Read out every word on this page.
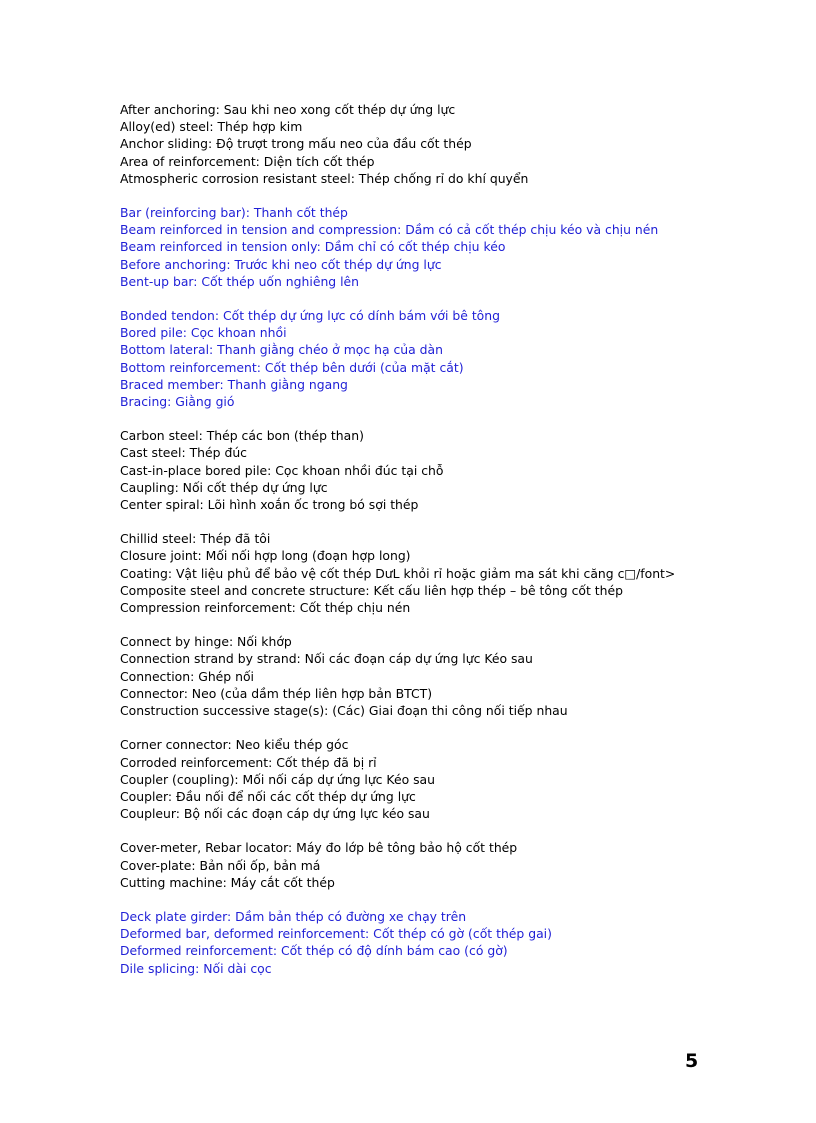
After anchoring: Sau khi neo xong cốt thép dự ứng lực
Alloy(ed) steel: Thép hợp kim
Anchor sliding: Độ trượt trong mấu neo của đầu cốt thép
Area of reinforcement: Diện tích cốt thép
Atmospheric corrosion resistant steel: Thép chống rỉ do khí quyển
Bar (reinforcing bar): Thanh cốt thép
Beam reinforced in tension and compression: Dầm có cả cốt thép chịu kéo và chịu nén
Beam reinforced in tension only: Dầm chỉ có cốt thép chịu kéo
Before anchoring: Trước khi neo cốt thép dự ứng lực
Bent-up bar: Cốt thép uốn nghiêng lên
Bonded tendon: Cốt thép dự ứng lực có dính bám với bê tông
Bored pile: Cọc khoan nhồi
Bottom lateral: Thanh giằng chéo ở mọc hạ của dàn
Bottom reinforcement: Cốt thép bên dưới (của mặt cắt)
Braced member: Thanh giằng ngang
Bracing: Giằng gió
Carbon steel: Thép các bon (thép than)
Cast steel: Thép đúc
Cast-in-place bored pile: Cọc khoan nhồi đúc tại chỗ
Caupling: Nối cốt thép dự ứng lực
Center spiral: Lõi hình xoắn ốc trong bó sợi thép
Chillid steel: Thép đã tôi
Closure joint: Mối nối hợp long (đoạn hợp long)
Coating: Vật liệu phủ để bảo vệ cốt thép DưL khỏi rỉ hoặc giảm ma sát khi căng c□/font>
Composite steel and concrete structure: Kết cấu liên hợp thép – bê tông cốt thép
Compression reinforcement: Cốt thép chịu nén
Connect by hinge: Nối khớp
Connection strand by strand: Nối các đoạn cáp dự ứng lực Kéo sau
Connection: Ghép nối
Connector: Neo (của dầm thép liên hợp bản BTCT)
Construction successive stage(s): (Các) Giai đoạn thi công nối tiếp nhau
Corner connector: Neo kiểu thép góc
Corroded reinforcement: Cốt thép đã bị rỉ
Coupler (coupling): Mối nối cáp dự ứng lực Kéo sau
Coupler: Đầu nối để nối các cốt thép dự ứng lực
Coupleur: Bộ nối các đoạn cáp dự ứng lực kéo sau
Cover-meter, Rebar locator: Máy đo lớp bê tông bảo hộ cốt thép
Cover-plate: Bản nối ốp, bản má
Cutting machine: Máy cắt cốt thép
Deck plate girder: Dầm bản thép có đường xe chạy trên
Deformed bar, deformed reinforcement: Cốt thép có gờ (cốt thép gai)
Deformed reinforcement: Cốt thép có độ dính bám cao (có gờ)
Dile splicing: Nối dài cọc
5
